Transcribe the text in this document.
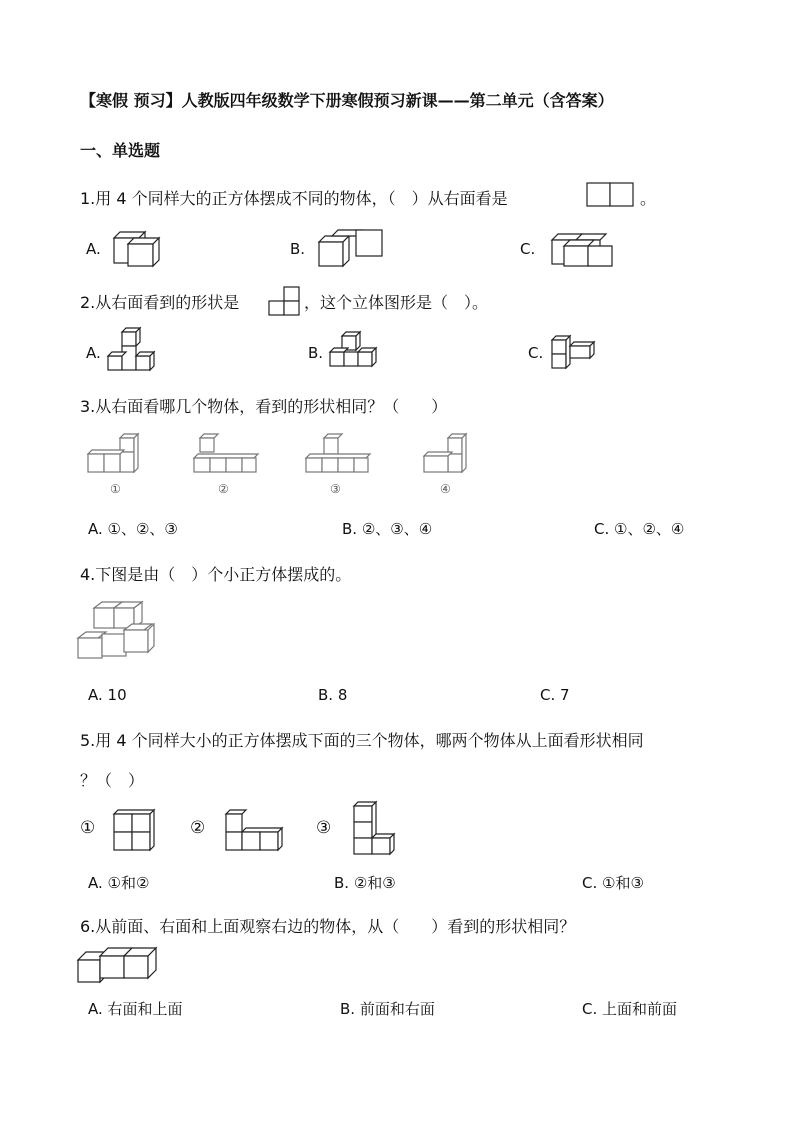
【寒假 预习】人教版四年级数学下册寒假预习新课——第二单元（含答案）
一、单选题
1.用 4 个同样大的正方体摆成不同的物体，（　）从右面看是	。
A.	B.	C.
2.从右面看到的形状是	，这个立体图形是（　）。
A.	B.	C.
3.从右面看哪几个物体，看到的形状相同？（　　）
①	②	③	④
A. ①、②、③	B. ②、③、④	C. ①、②、④
4.下图是由（　）个小正方体摆成的。
A. 10	B. 8	C. 7
5.用 4 个同样大小的正方体摆成下面的三个物体，哪两个物体从上面看形状相同
？（　）
①	②	③
A. ①和②	B. ②和③	C. ①和③
6.从前面、右面和上面观察右边的物体，从（　　）看到的形状相同？
A. 右面和上面	B. 前面和右面	C. 上面和前面
